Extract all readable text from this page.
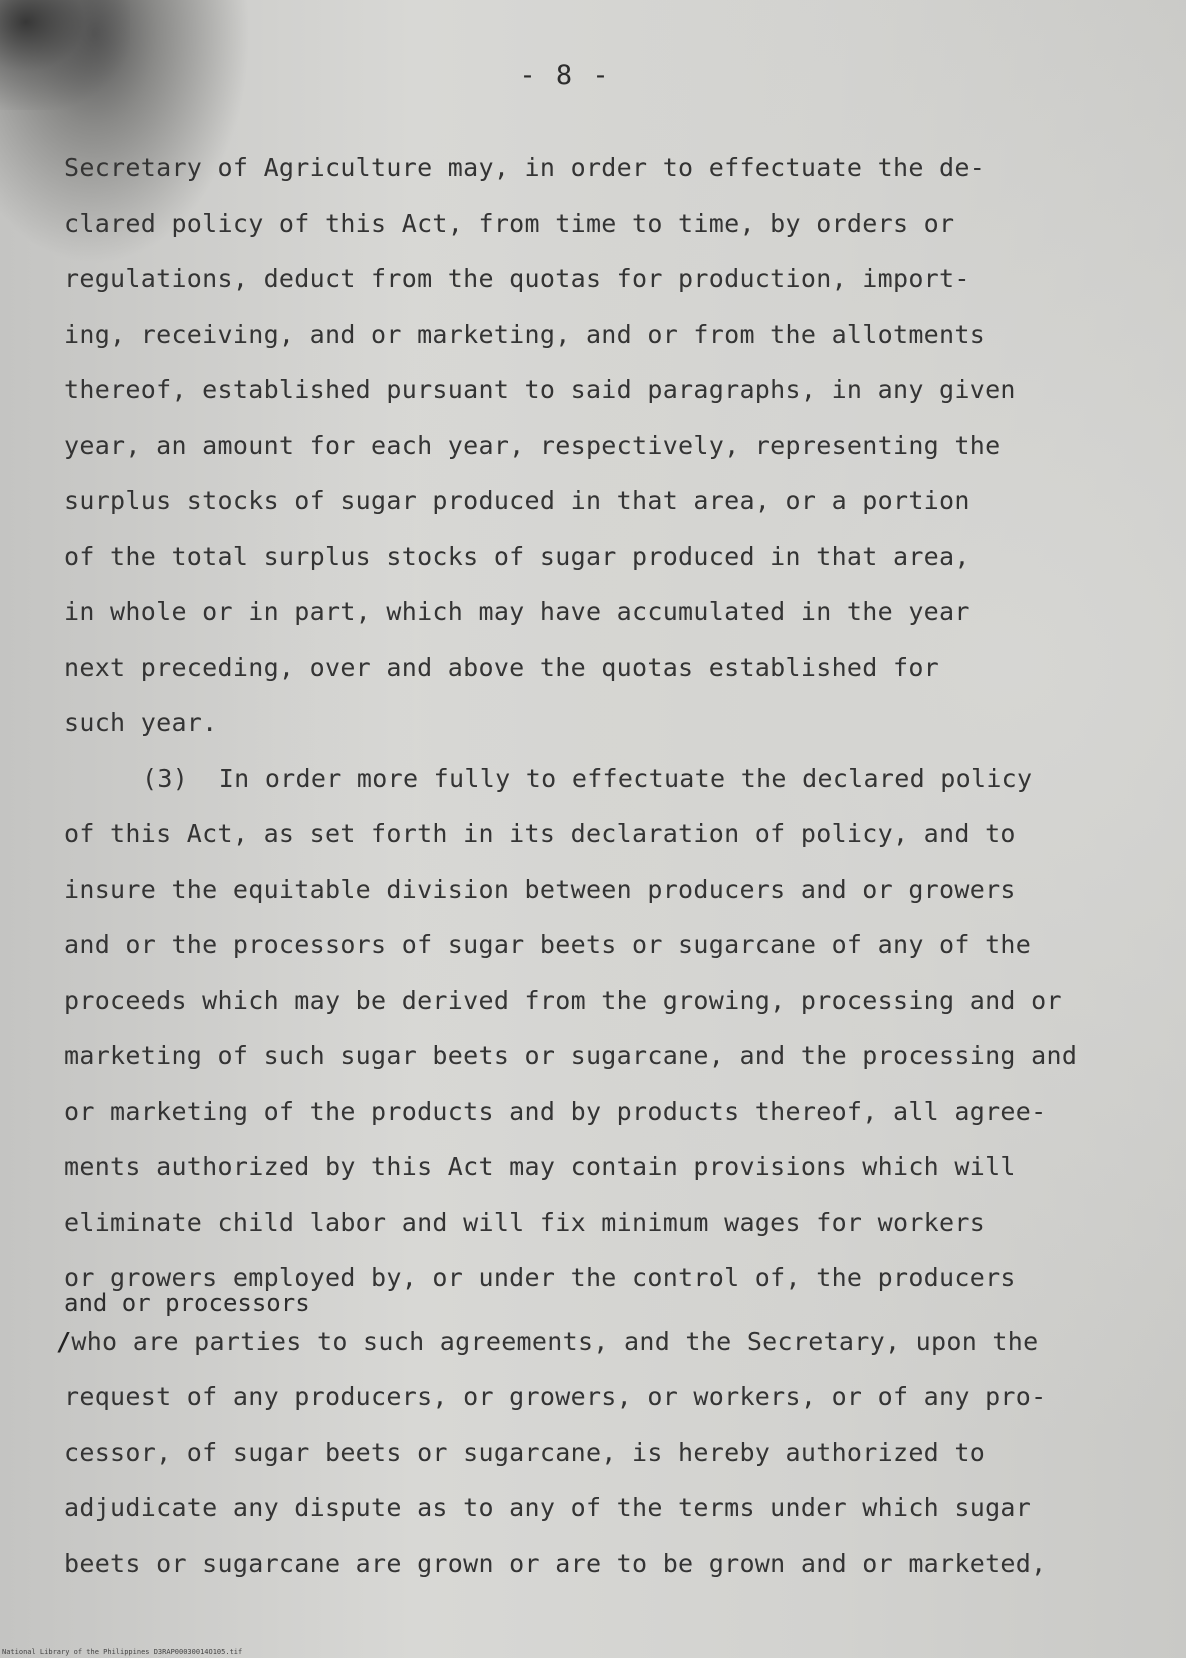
- 8 -
Secretary of Agriculture may, in order to effectuate the de-
clared policy of this Act, from time to time, by orders or
regulations, deduct from the quotas for production, import-
ing, receiving, and or marketing, and or from the allotments
thereof, established pursuant to said paragraphs, in any given
year, an amount for each year, respectively, representing the
surplus stocks of sugar produced in that area, or a portion
of the total surplus stocks of sugar produced in that area,
in whole or in part, which may have accumulated in the year
next preceding, over and above the quotas established for
such year.
(3) In order more fully to effectuate the declared policy
of this Act, as set forth in its declaration of policy, and to
insure the equitable division between producers and or growers
and or the processors of sugar beets or sugarcane of any of the
proceeds which may be derived from the growing, processing and or
marketing of such sugar beets or sugarcane, and the processing and
or marketing of the products and by products thereof, all agree-
ments authorized by this Act may contain provisions which will
eliminate child labor and will fix minimum wages for workers
or growers employed by, or under the control of, the producers
and or processors
/who are parties to such agreements, and the Secretary, upon the
request of any producers, or growers, or workers, or of any pro-
cessor, of sugar beets or sugarcane, is hereby authorized to
adjudicate any dispute as to any of the terms under which sugar
beets or sugarcane are grown or are to be grown and or marketed,
National Library of the Philippines D3RAP00030014O105.tif
